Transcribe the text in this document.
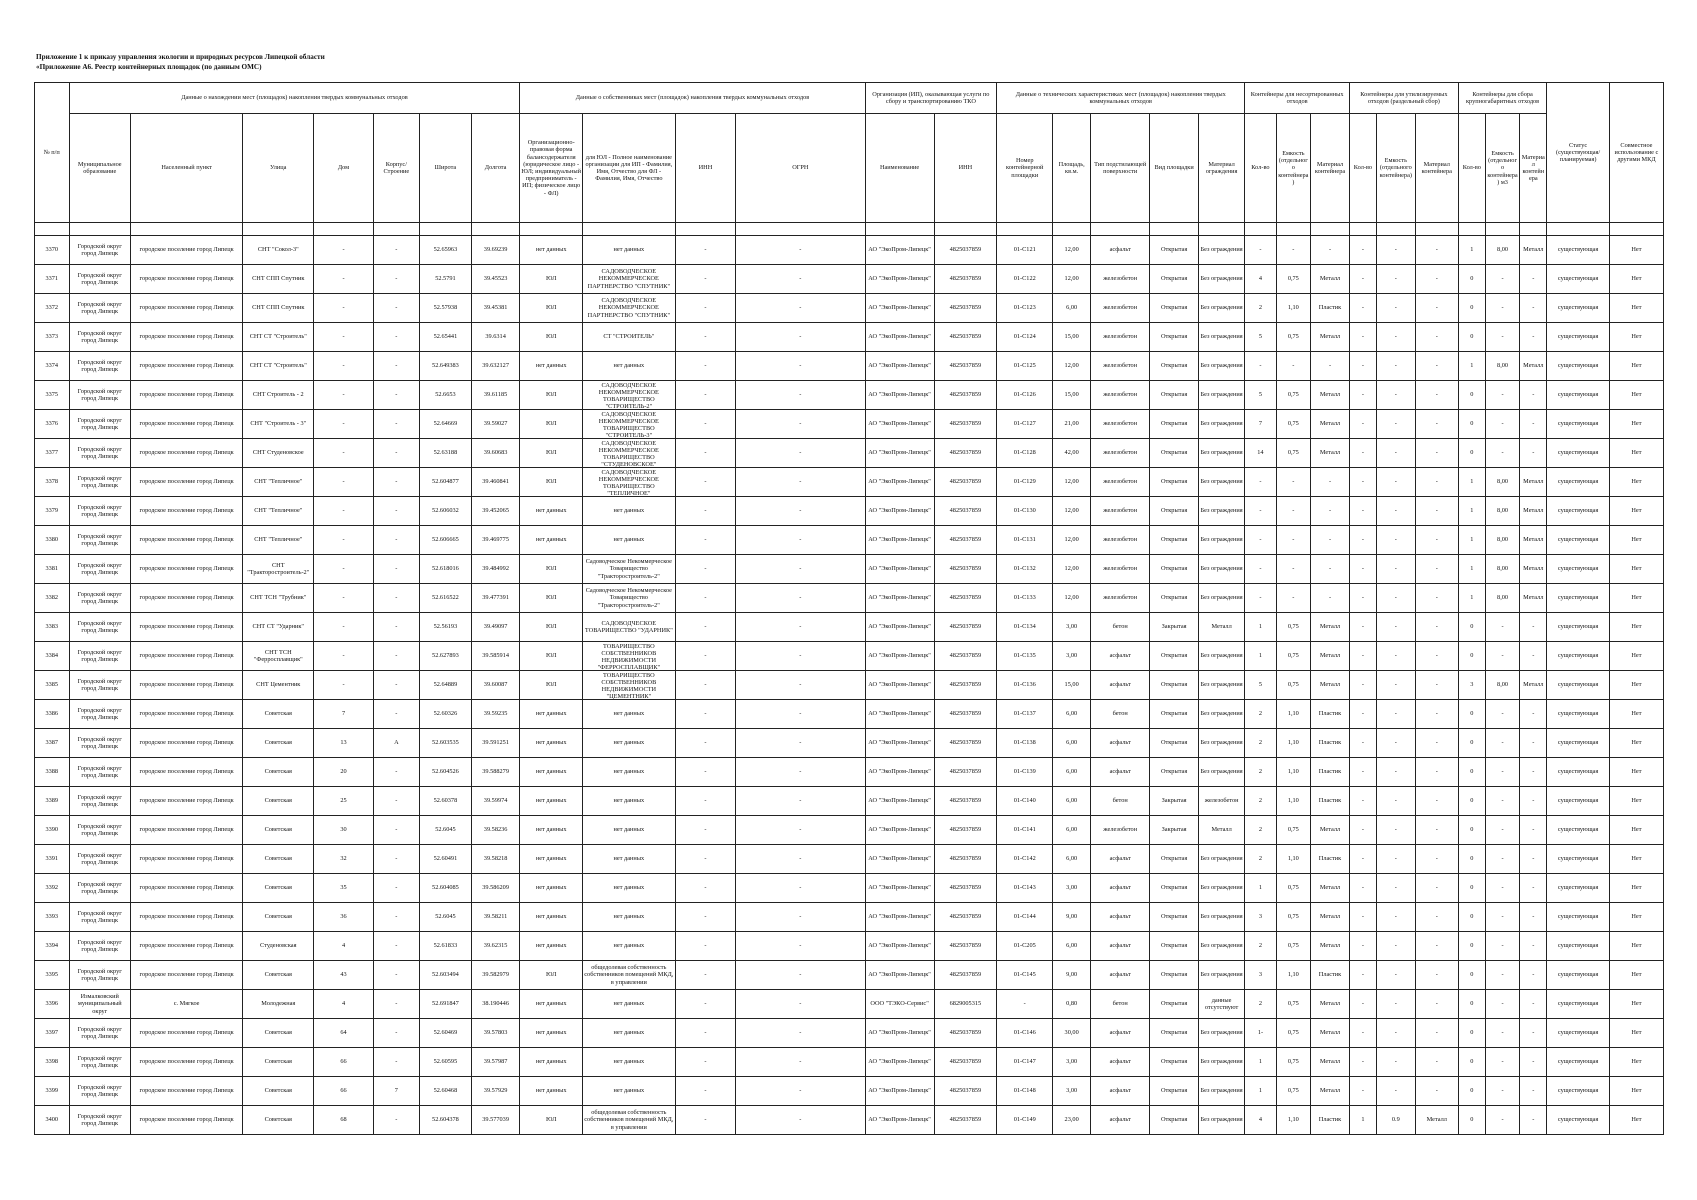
Приложение 1 к приказу управления экологии и природных ресурсов Липецкой области
«Приложение А6. Реестр контейнерных площадок (по данным ОМС)
№ п/п	Данные о нахождении мест (площадок) накопления твердых коммунальных отходов							Данные о собственниках мест (площадок) накопления твердых коммунальных отходов				Организация (ИП), оказывающая услуги по сбору и транспортированию ТКО		Данные о технических характеристиках мест (площадок) накопления твердых коммунальных отходов					Контейнеры для несортированных отходов			Контейнеры для утилизируемых отходов (раздельный сбор)			Контейнеры для сбора крупногабаритных отходов			Статус (существующая/планируемая)	Совместное использование с другими МКД
	Муниципальное образование	Населенный пункт	Улица	Дом	Корпус/Строение	Широта	Долгота	Организационно-правовая форма балансодержателя (юридическое лицо - ЮЛ; индивидуальный предприниматель - ИП; физическое лицо - ФЛ)	для ЮЛ - Полное наименование организации для ИП - Фамилия, Имя, Отчество для ФЛ - Фамилия, Имя, Отчество	ИНН	ОГРН	Наименование	ИНН	Номер контейнерной площадки	Площадь, кв.м.	Тип подстилающей поверхности	Вид площадки	Материал ограждения	Кол-во	Емкость (отдельного контейнера)	Материал контейнера	Кол-во	Емкость (отдельного контейнера)	Материал контейнера	Кол-во	Емкость (отдельного контейнера) м3	Материал контейнера		

3370	Городской округ город Липецк	городское поселение город Липецк	СНТ "Сокол-3"	-	-	52.65963	39.69239	нет данных	нет данных	-	-	АО "ЭкоПром-Липецк"	4825037859	01-С121	12,00	асфальт	Открытая	Без ограждения	-	-	-	-	-	-	1	8,00	Металл	существующая	Нет
3371	Городской округ город Липецк	городское поселение город Липецк	СНТ СПП Спутник	-	-	52.5791	39.45523	ЮЛ	САДОВОДЧЕСКОЕ НЕКОММЕРЧЕСКОЕ ПАРТНЕРСТВО "СПУТНИК"	-	-	АО "ЭкоПром-Липецк"	4825037859	01-С122	12,00	железобетон	Открытая	Без ограждения	4	0,75	Металл	-	-	-	0	-	-	существующая	Нет
3372	Городской округ город Липецк	городское поселение город Липецк	СНТ СПП Спутник	-	-	52.57938	39.45381	ЮЛ	САДОВОДЧЕСКОЕ НЕКОММЕРЧЕСКОЕ ПАРТНЕРСТВО "СПУТНИК"	-	-	АО "ЭкоПром-Липецк"	4825037859	01-С123	6,00	железобетон	Открытая	Без ограждения	2	1,10	Пластик	-	-	-	0	-	-	существующая	Нет
3373	Городской округ город Липецк	городское поселение город Липецк	СНТ СТ "Строитель"	-	-	52.65441	39.6314	ЮЛ	СТ "СТРОИТЕЛЬ"	-	-	АО "ЭкоПром-Липецк"	4825037859	01-С124	15,00	железобетон	Открытая	Без ограждения	5	0,75	Металл	-	-	-	0	-	-	существующая	Нет
3374	Городской округ город Липецк	городское поселение город Липецк	СНТ СТ "Строитель"	-	-	52.649383	39.632127	нет данных	нет данных	-	-	АО "ЭкоПром-Липецк"	4825037859	01-С125	12,00	железобетон	Открытая	Без ограждения	-	-	-	-	-	-	1	8,00	Металл	существующая	Нет
3375	Городской округ город Липецк	городское поселение город Липецк	СНТ Строитель - 2	-	-	52.6653	39.61185	ЮЛ	САДОВОДЧЕСКОЕ НЕКОММЕРЧЕСКОЕ ТОВАРИЩЕСТВО "СТРОИТЕЛЬ-2"	-	-	АО "ЭкоПром-Липецк"	4825037859	01-С126	15,00	железобетон	Открытая	Без ограждения	5	0,75	Металл	-	-	-	0	-	-	существующая	Нет
3376	Городской округ город Липецк	городское поселение город Липецк	СНТ "Строитель - 3"	-	-	52.64669	39.59027	ЮЛ	САДОВОДЧЕСКОЕ НЕКОММЕРЧЕСКОЕ ТОВАРИЩЕСТВО "СТРОИТЕЛЬ-3"	-	-	АО "ЭкоПром-Липецк"	4825037859	01-С127	21,00	железобетон	Открытая	Без ограждения	7	0,75	Металл	-	-	-	0	-	-	существующая	Нет
3377	Городской округ город Липецк	городское поселение город Липецк	СНТ Студеновское	-	-	52.63188	39.60683	ЮЛ	САДОВОДЧЕСКОЕ НЕКОММЕРЧЕСКОЕ ТОВАРИЩЕСТВО "СТУДЕНОВСКОЕ"	-	-	АО "ЭкоПром-Липецк"	4825037859	01-С128	42,00	железобетон	Открытая	Без ограждения	14	0,75	Металл	-	-	-	0	-	-	существующая	Нет
3378	Городской округ город Липецк	городское поселение город Липецк	СНТ "Тепличное"	-	-	52.604877	39.460841	ЮЛ	САДОВОДЧЕСКОЕ НЕКОММЕРЧЕСКОЕ ТОВАРИЩЕСТВО "ТЕПЛИЧНОЕ"	-	-	АО "ЭкоПром-Липецк"	4825037859	01-С129	12,00	железобетон	Открытая	Без ограждения	-	-	-	-	-	-	1	8,00	Металл	существующая	Нет
3379	Городской округ город Липецк	городское поселение город Липецк	СНТ "Тепличное"	-	-	52.606032	39.452065	нет данных	нет данных	-	-	АО "ЭкоПром-Липецк"	4825037859	01-С130	12,00	железобетон	Открытая	Без ограждения	-	-	-	-	-	-	1	8,00	Металл	существующая	Нет
3380	Городской округ город Липецк	городское поселение город Липецк	СНТ "Тепличное"	-	-	52.606665	39.469775	нет данных	нет данных	-	-	АО "ЭкоПром-Липецк"	4825037859	01-С131	12,00	железобетон	Открытая	Без ограждения	-	-	-	-	-	-	1	8,00	Металл	существующая	Нет
3381	Городской округ город Липецк	городское поселение город Липецк	СНТ "Тракторостроитель-2"	-	-	52.618016	39.484992	ЮЛ	Садоводческое Некоммерческое Товарищество "Тракторостроитель-2"	-	-	АО "ЭкоПром-Липецк"	4825037859	01-С132	12,00	железобетон	Открытая	Без ограждения	-	-	-	-	-	-	1	8,00	Металл	существующая	Нет
3382	Городской округ город Липецк	городское поселение город Липецк	СНТ ТСН "Трубник"	-	-	52.616522	39.477391	ЮЛ	Садоводческое Некоммерческое Товарищество "Тракторостроитель-2"	-	-	АО "ЭкоПром-Липецк"	4825037859	01-С133	12,00	железобетон	Открытая	Без ограждения	-	-	-	-	-	-	1	8,00	Металл	существующая	Нет
3383	Городской округ город Липецк	городское поселение город Липецк	СНТ СТ "Ударник"	-	-	52.56193	39.49097	ЮЛ	САДОВОДЧЕСКОЕ ТОВАРИЩЕСТВО "УДАРНИК"	-	-	АО "ЭкоПром-Липецк"	4825037859	01-С134	3,00	бетон	Закрытая	Металл	1	0,75	Металл	-	-	-	0	-	-	существующая	Нет
3384	Городской округ город Липецк	городское поселение город Липецк	СНТ ТСН "Ферросплавщик"	-	-	52.627893	39.585914	ЮЛ	ТОВАРИЩЕСТВО СОБСТВЕННИКОВ НЕДВИЖИМОСТИ "ФЕРРОСПЛАВЩИК"	-	-	АО "ЭкоПром-Липецк"	4825037859	01-С135	3,00	асфальт	Открытая	Без ограждения	1	0,75	Металл	-	-	-	0	-	-	существующая	Нет
3385	Городской округ город Липецк	городское поселение город Липецк	СНТ Цементник	-	-	52.64889	39.60087	ЮЛ	ТОВАРИЩЕСТВО СОБСТВЕННИКОВ НЕДВИЖИМОСТИ "ЦЕМЕНТНИК"	-	-	АО "ЭкоПром-Липецк"	4825037859	01-С136	15,00	асфальт	Открытая	Без ограждения	5	0,75	Металл	-	-	-	3	8,00	Металл	существующая	Нет
3386	Городской округ город Липецк	городское поселение город Липецк	Советская	7	-	52.60326	39.59235	нет данных	нет данных	-	-	АО "ЭкоПром-Липецк"	4825037859	01-С137	6,00	бетон	Открытая	Без ограждения	2	1,10	Пластик	-	-	-	0	-	-	существующая	Нет
3387	Городской округ город Липецк	городское поселение город Липецк	Советская	13	А	52.603535	39.591251	нет данных	нет данных	-	-	АО "ЭкоПром-Липецк"	4825037859	01-С138	6,00	асфальт	Открытая	Без ограждения	2	1,10	Пластик	-	-	-	0	-	-	существующая	Нет
3388	Городской округ город Липецк	городское поселение город Липецк	Советская	20	-	52.604526	39.588279	нет данных	нет данных	-	-	АО "ЭкоПром-Липецк"	4825037859	01-С139	6,00	асфальт	Открытая	Без ограждения	2	1,10	Пластик	-	-	-	0	-	-	существующая	Нет
3389	Городской округ город Липецк	городское поселение город Липецк	Советская	25	-	52.60378	39.59974	нет данных	нет данных	-	-	АО "ЭкоПром-Липецк"	4825037859	01-С140	6,00	бетон	Закрытая	железобетон	2	1,10	Пластик	-	-	-	0	-	-	существующая	Нет
3390	Городской округ город Липецк	городское поселение город Липецк	Советская	30	-	52.6045	39.58236	нет данных	нет данных	-	-	АО "ЭкоПром-Липецк"	4825037859	01-С141	6,00	железобетон	Закрытая	Металл	2	0,75	Металл	-	-	-	0	-	-	существующая	Нет
3391	Городской округ город Липецк	городское поселение город Липецк	Советская	32	-	52.60491	39.58218	нет данных	нет данных	-	-	АО "ЭкоПром-Липецк"	4825037859	01-С142	6,00	асфальт	Открытая	Без ограждения	2	1,10	Пластик	-	-	-	0	-	-	существующая	Нет
3392	Городской округ город Липецк	городское поселение город Липецк	Советская	35	-	52.604085	39.586209	нет данных	нет данных	-	-	АО "ЭкоПром-Липецк"	4825037859	01-С143	3,00	асфальт	Открытая	Без ограждения	1	0,75	Металл	-	-	-	0	-	-	существующая	Нет
3393	Городской округ город Липецк	городское поселение город Липецк	Советская	36	-	52.6045	39.58211	нет данных	нет данных	-	-	АО "ЭкоПром-Липецк"	4825037859	01-С144	9,00	асфальт	Открытая	Без ограждения	3	0,75	Металл	-	-	-	0	-	-	существующая	Нет
3394	Городской округ город Липецк	городское поселение город Липецк	Студеновская	4	-	52.61833	39.62315	нет данных	нет данных	-	-	АО "ЭкоПром-Липецк"	4825037859	01-С205	6,00	асфальт	Открытая	Без ограждения	2	0,75	Металл	-	-	-	0	-	-	существующая	Нет
3395	Городской округ город Липецк	городское поселение город Липецк	Советская	43	-	52.603494	39.582979	ЮЛ	общедолевая собственность собственников помещений МКД, в управлении	-	-	АО "ЭкоПром-Липецк"	4825037859	01-С145	9,00	асфальт	Открытая	Без ограждения	3	1,10	Пластик	-	-	-	0	-	-	существующая	Нет
3396	Измалковский муниципальный округ	с. Мягкое	Молодежная	4	-	52.691847	38.190446	нет данных	нет данных	-	-	ООО "ТЭКО-Сервис"	6829005315	-	0,80	бетон	Открытая	данные отсутствуют	2	0,75	Металл	-	-	-	0	-	-	существующая	Нет
3397	Городской округ город Липецк	городское поселение город Липецк	Советская	64	-	52.60469	39.57803	нет данных	нет данных	-	-	АО "ЭкоПром-Липецк"	4825037859	01-С146	30,00	асфальт	Открытая	Без ограждения	1-	0,75	Металл	-	-	-	0	-	-	существующая	Нет
3398	Городской округ город Липецк	городское поселение город Липецк	Советская	66	-	52.60595	39.57987	нет данных	нет данных	-	-	АО "ЭкоПром-Липецк"	4825037859	01-С147	3,00	асфальт	Открытая	Без ограждения	1	0,75	Металл	-	-	-	0	-	-	существующая	Нет
3399	Городской округ город Липецк	городское поселение город Липецк	Советская	66	7	52.60468	39.57929	нет данных	нет данных	-	-	АО "ЭкоПром-Липецк"	4825037859	01-С148	3,00	асфальт	Открытая	Без ограждения	1	0,75	Металл	-	-	-	0	-	-	существующая	Нет
3400	Городской округ город Липецк	городское поселение город Липецк	Советская	68	-	52.604378	39.577039	ЮЛ	общедолевая собственность собственников помещений МКД, в управлении	-	-	АО "ЭкоПром-Липецк"	4825037859	01-С149	23,00	асфальт	Открытая	Без ограждения	4	1,10	Пластик	1	0.9	Металл	0	-	-	существующая	Нет
